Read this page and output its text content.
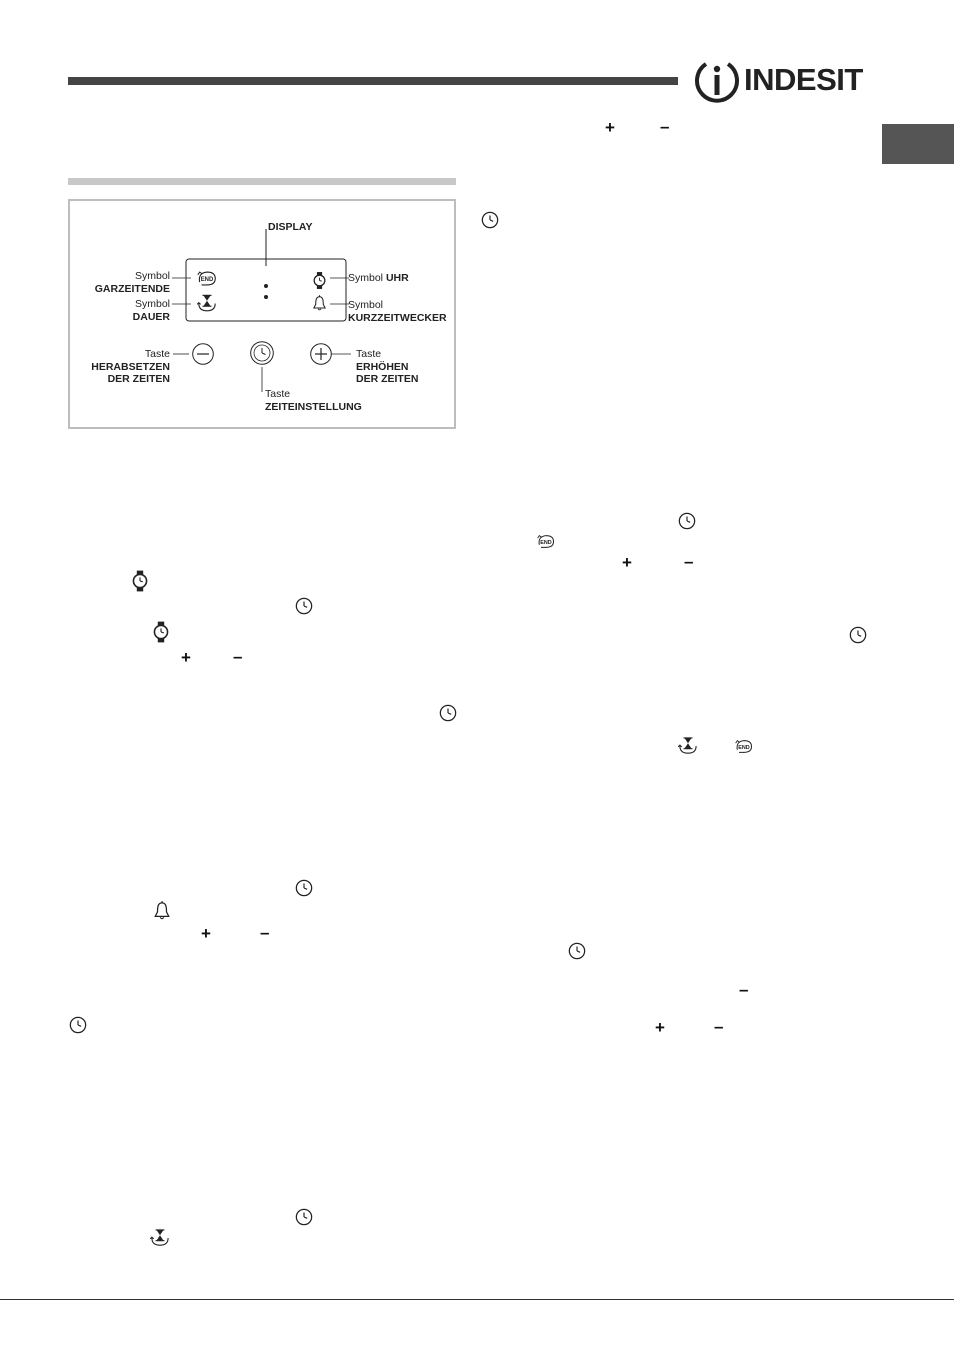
INDESIT
+	–
DISPLAY
Symbol
GARZEITENDE
Symbol
DAUER
Symbol UHR
Symbol
KURZZEITWECKER
Taste
HERABSETZEN
DER ZEITEN
Taste
ERHÖHEN
DER ZEITEN
Taste
ZEITEINSTELLUNG
+ –
+	–
+	–
–
+	–
